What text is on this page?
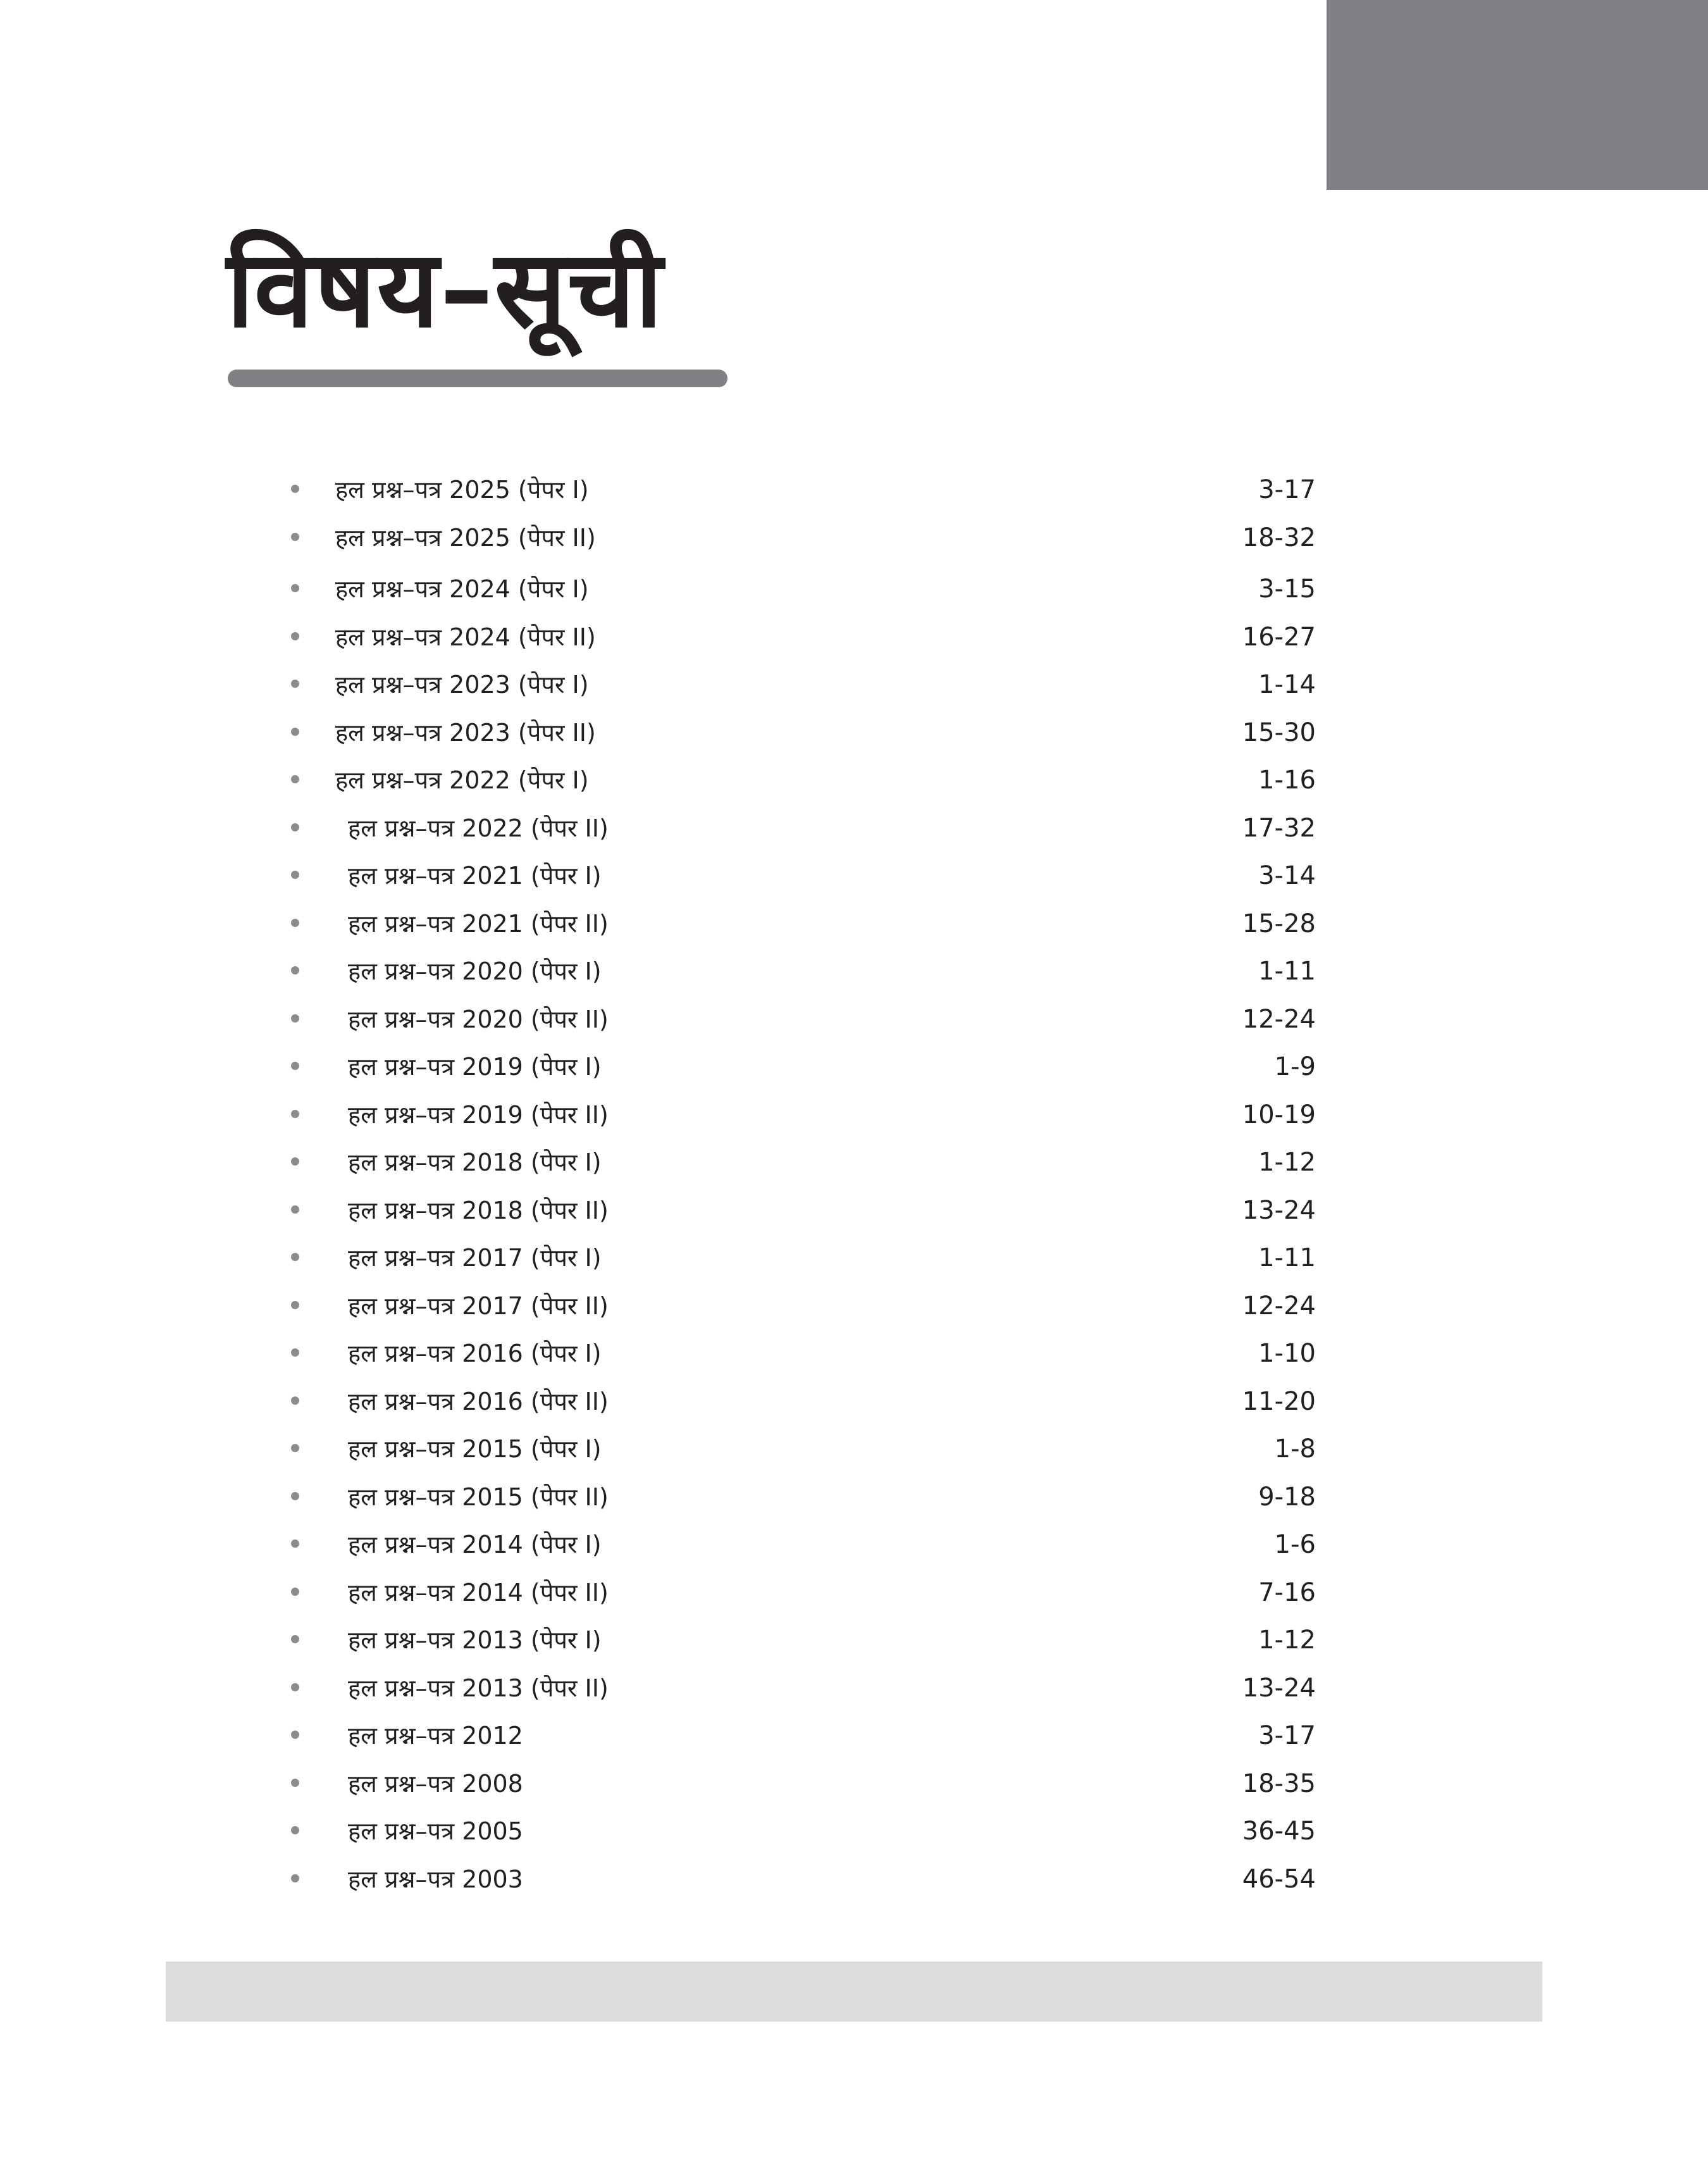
विषय–सूची
हल प्रश्न–पत्र 2025 (पेपर I)	3-17
हल प्रश्न–पत्र 2025 (पेपर II)	18-32
हल प्रश्न–पत्र 2024 (पेपर I)	3-15
हल प्रश्न–पत्र 2024 (पेपर II)	16-27
हल प्रश्न–पत्र 2023 (पेपर I)	1-14
हल प्रश्न–पत्र 2023 (पेपर II)	15-30
हल प्रश्न–पत्र 2022 (पेपर I)	1-16
हल प्रश्न–पत्र 2022 (पेपर II)	17-32
हल प्रश्न–पत्र 2021 (पेपर I)	3-14
हल प्रश्न–पत्र 2021 (पेपर II)	15-28
हल प्रश्न–पत्र 2020 (पेपर I)	1-11
हल प्रश्न–पत्र 2020 (पेपर II)	12-24
हल प्रश्न–पत्र 2019 (पेपर I)	1-9
हल प्रश्न–पत्र 2019 (पेपर II)	10-19
हल प्रश्न–पत्र 2018 (पेपर I)	1-12
हल प्रश्न–पत्र 2018 (पेपर II)	13-24
हल प्रश्न–पत्र 2017 (पेपर I)	1-11
हल प्रश्न–पत्र 2017 (पेपर II)	12-24
हल प्रश्न–पत्र 2016 (पेपर I)	1-10
हल प्रश्न–पत्र 2016 (पेपर II)	11-20
हल प्रश्न–पत्र 2015 (पेपर I)	1-8
हल प्रश्न–पत्र 2015 (पेपर II)	9-18
हल प्रश्न–पत्र 2014 (पेपर I)	1-6
हल प्रश्न–पत्र 2014 (पेपर II)	7-16
हल प्रश्न–पत्र 2013 (पेपर I)	1-12
हल प्रश्न–पत्र 2013 (पेपर II)	13-24
हल प्रश्न–पत्र 2012	3-17
हल प्रश्न–पत्र 2008	18-35
हल प्रश्न–पत्र 2005	36-45
हल प्रश्न–पत्र 2003	46-54
